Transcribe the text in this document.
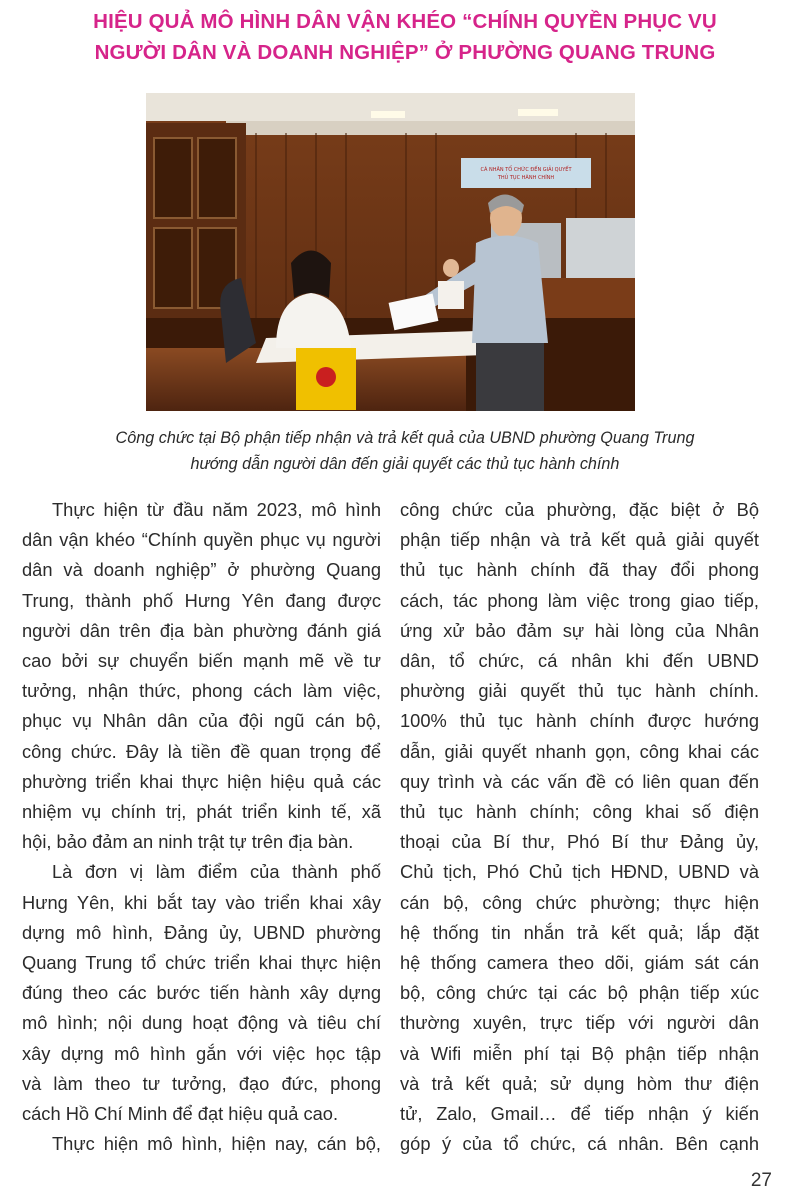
HIỆU QUẢ MÔ HÌNH DÂN VẬN KHÉO “CHÍNH QUYỀN PHỤC VỤ
NGƯỜI DÂN VÀ DOANH NGHIỆP” Ở PHƯỜNG QUANG TRUNG
CÁ NHÂN TỔ CHỨC ĐẾN GIẢI QUYẾT
THỦ TỤC HÀNH CHÍNH
Công chức tại Bộ phận tiếp nhận và trả kết quả của UBND phường Quang Trung
hướng dẫn người dân đến giải quyết các thủ tục hành chính
Thực hiện từ đầu năm 2023, mô hình
dân vận khéo “Chính quyền phục vụ người
dân và doanh nghiệp” ở phường Quang
Trung, thành phố Hưng Yên đang được
người dân trên địa bàn phường đánh giá
cao bởi sự chuyển biến mạnh mẽ về tư
tưởng, nhận thức, phong cách làm việc,
phục vụ Nhân dân của đội ngũ cán bộ,
công chức. Đây là tiền đề quan trọng để
phường triển khai thực hiện hiệu quả các
nhiệm vụ chính trị, phát triển kinh tế, xã
hội, bảo đảm an ninh trật tự trên địa bàn.
Là đơn vị làm điểm của thành phố
Hưng Yên, khi bắt tay vào triển khai xây
dựng mô hình, Đảng ủy, UBND phường
Quang Trung tổ chức triển khai thực hiện
đúng theo các bước tiến hành xây dựng
mô hình; nội dung hoạt động và tiêu chí
xây dựng mô hình gắn với việc học tập
và làm theo tư tưởng, đạo đức, phong
cách Hồ Chí Minh để đạt hiệu quả cao.
Thực hiện mô hình, hiện nay, cán bộ,
công chức của phường, đặc biệt ở Bộ
phận tiếp nhận và trả kết quả giải quyết
thủ tục hành chính đã thay đổi phong
cách, tác phong làm việc trong giao tiếp,
ứng xử bảo đảm sự hài lòng của Nhân
dân, tổ chức, cá nhân khi đến UBND
phường giải quyết thủ tục hành chính.
100% thủ tục hành chính được hướng
dẫn, giải quyết nhanh gọn, công khai các
quy trình và các vấn đề có liên quan đến
thủ tục hành chính; công khai số điện
thoại của Bí thư, Phó Bí thư Đảng ủy,
Chủ tịch, Phó Chủ tịch HĐND, UBND và
cán bộ, công chức phường; thực hiện
hệ thống tin nhắn trả kết quả; lắp đặt
hệ thống camera theo dõi, giám sát cán
bộ, công chức tại các bộ phận tiếp xúc
thường xuyên, trực tiếp với người dân
và Wifi miễn phí tại Bộ phận tiếp nhận
và trả kết quả; sử dụng hòm thư điện
tử, Zalo, Gmail… để tiếp nhận ý kiến
góp ý của tổ chức, cá nhân. Bên cạnh
27
